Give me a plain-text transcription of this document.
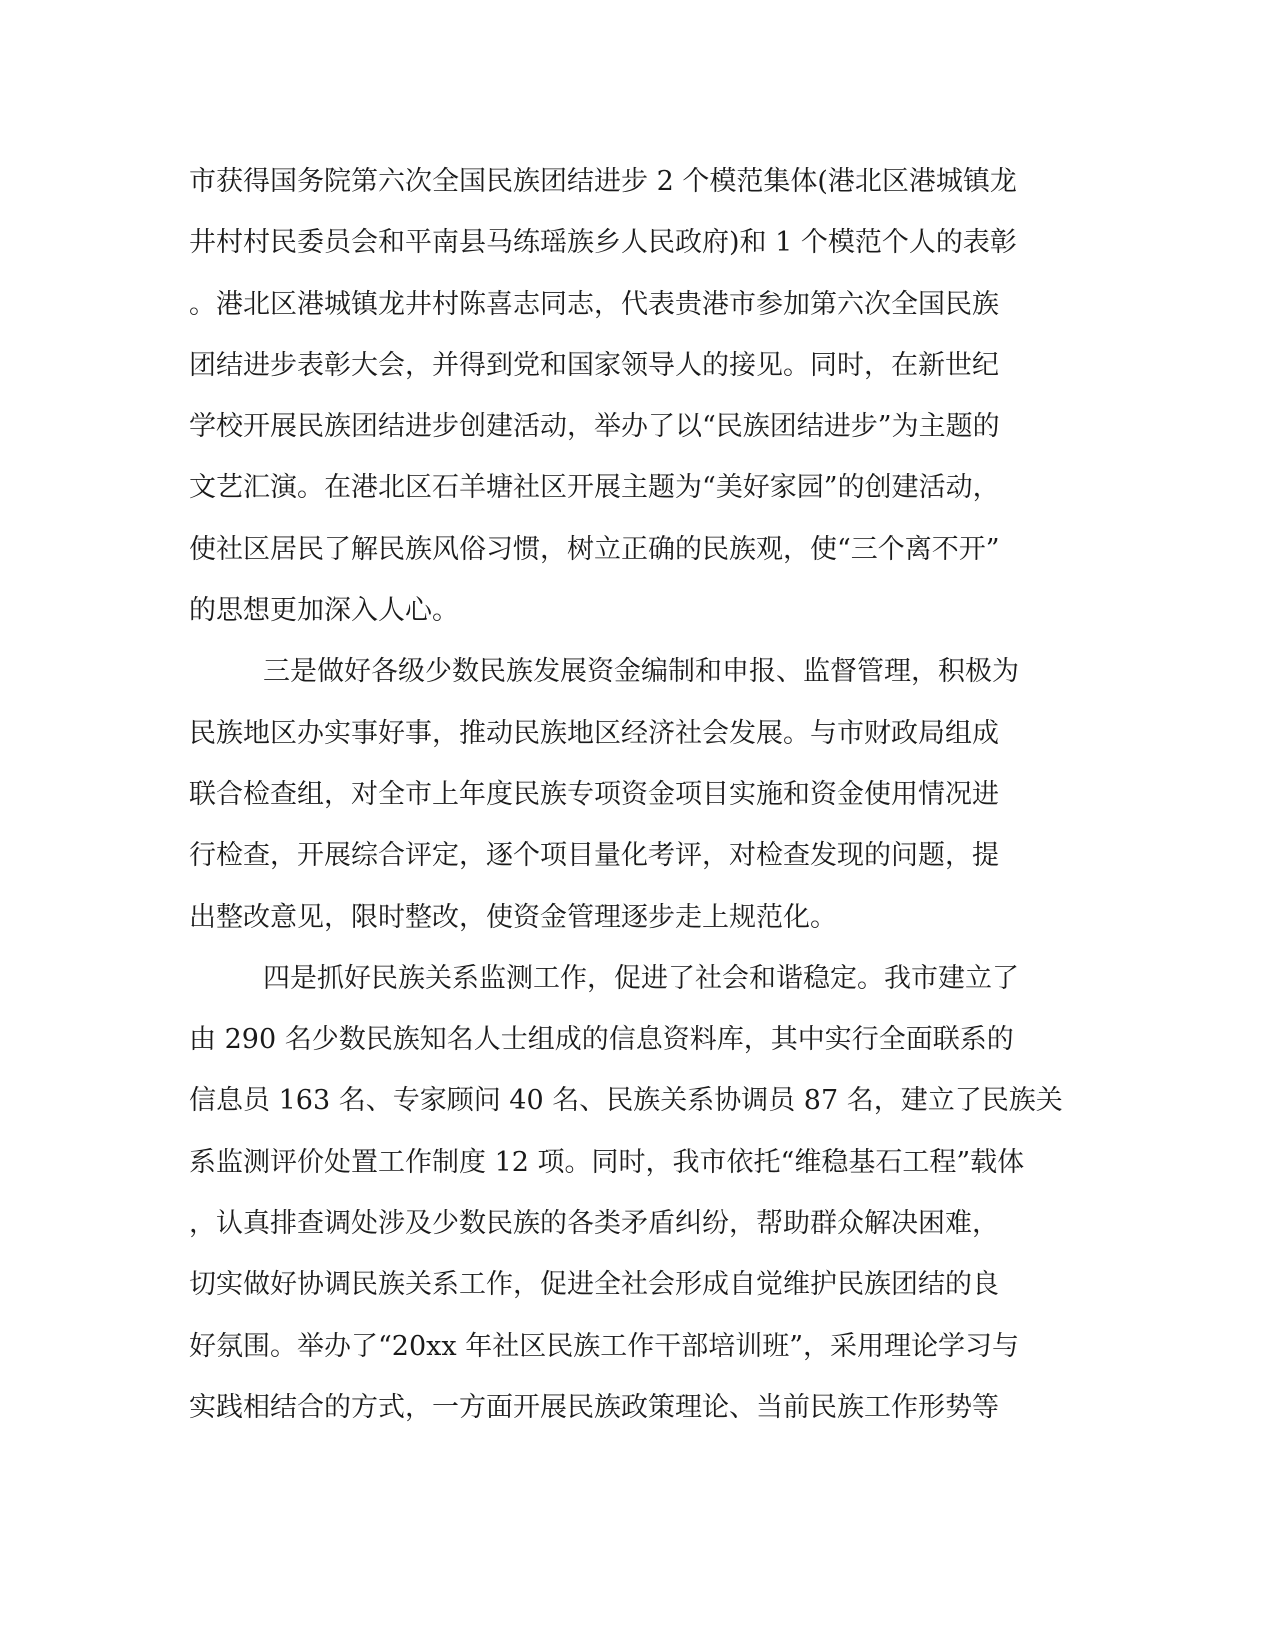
市获得国务院第六次全国民族团结进步 2 个模范集体(港北区港城镇龙
井村村民委员会和平南县马练瑶族乡人民政府)和 1 个模范个人的表彰
。港北区港城镇龙井村陈喜志同志，代表贵港市参加第六次全国民族
团结进步表彰大会，并得到党和国家领导人的接见。同时，在新世纪
学校开展民族团结进步创建活动，举办了以“民族团结进步”为主题的
文艺汇演。在港北区石羊塘社区开展主题为“美好家园”的创建活动，
使社区居民了解民族风俗习惯，树立正确的民族观，使“三个离不开”
的思想更加深入人心。
三是做好各级少数民族发展资金编制和申报、监督管理，积极为
民族地区办实事好事，推动民族地区经济社会发展。与市财政局组成
联合检查组，对全市上年度民族专项资金项目实施和资金使用情况进
行检查，开展综合评定，逐个项目量化考评，对检查发现的问题，提
出整改意见，限时整改，使资金管理逐步走上规范化。
四是抓好民族关系监测工作，促进了社会和谐稳定。我市建立了
由 290 名少数民族知名人士组成的信息资料库，其中实行全面联系的
信息员 163 名、专家顾问 40 名、民族关系协调员 87 名，建立了民族关
系监测评价处置工作制度 12 项。同时，我市依托“维稳基石工程”载体
，认真排查调处涉及少数民族的各类矛盾纠纷，帮助群众解决困难，
切实做好协调民族关系工作，促进全社会形成自觉维护民族团结的良
好氛围。举办了“20xx 年社区民族工作干部培训班”，采用理论学习与
实践相结合的方式，一方面开展民族政策理论、当前民族工作形势等
